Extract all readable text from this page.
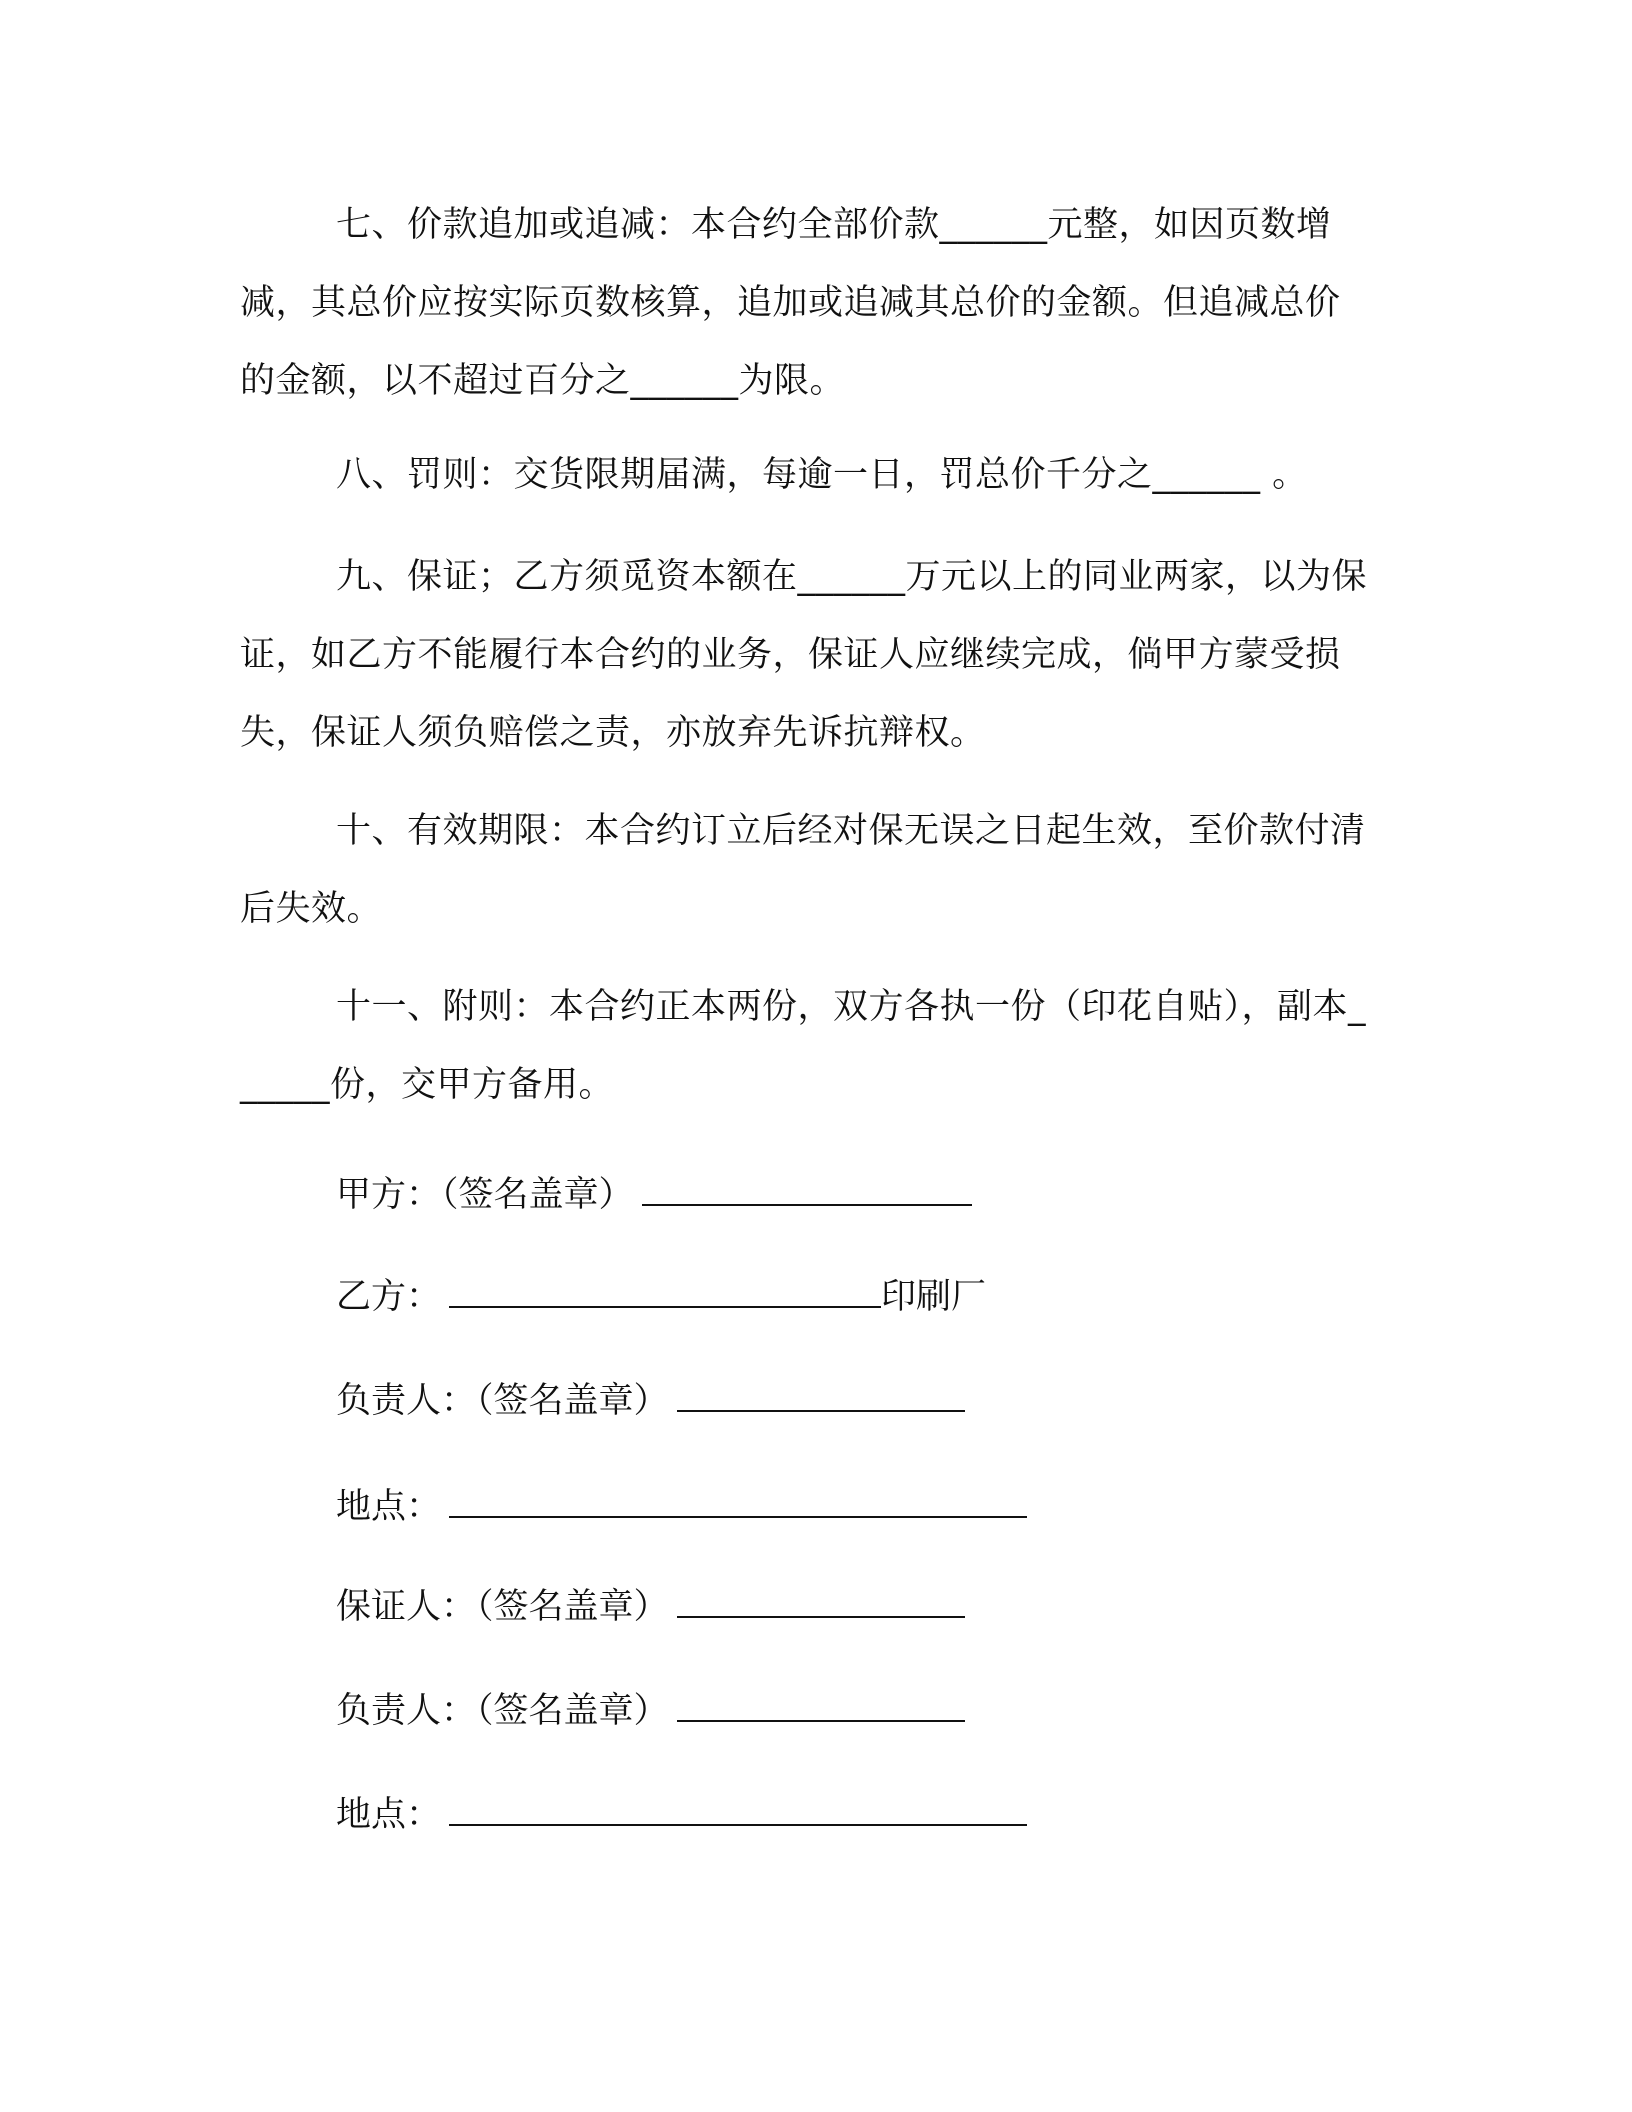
七、价款追加或追减：本合约全部价款______元整，如因页数增减，其总价应按实际页数核算，追加或追减其总价的金额。但追减总价的金额，以不超过百分之______为限。

八、罚则：交货限期届满，每逾一日，罚总价千分之______ 。

九、保证；乙方须觅资本额在______万元以上的同业两家，以为保证，如乙方不能履行本合约的业务，保证人应继续完成，倘甲方蒙受损失，保证人须负赔偿之责，亦放弃先诉抗辩权。

十、有效期限：本合约订立后经对保无误之日起生效，至价款付清后失效。

十一、附则：本合约正本两份，双方各执一份（印花自贴），副本______份，交甲方备用。

甲方：（签名盖章）
乙方：	印刷厂
负责人：（签名盖章）
地点：
保证人：（签名盖章）
负责人：（签名盖章）
地点：
